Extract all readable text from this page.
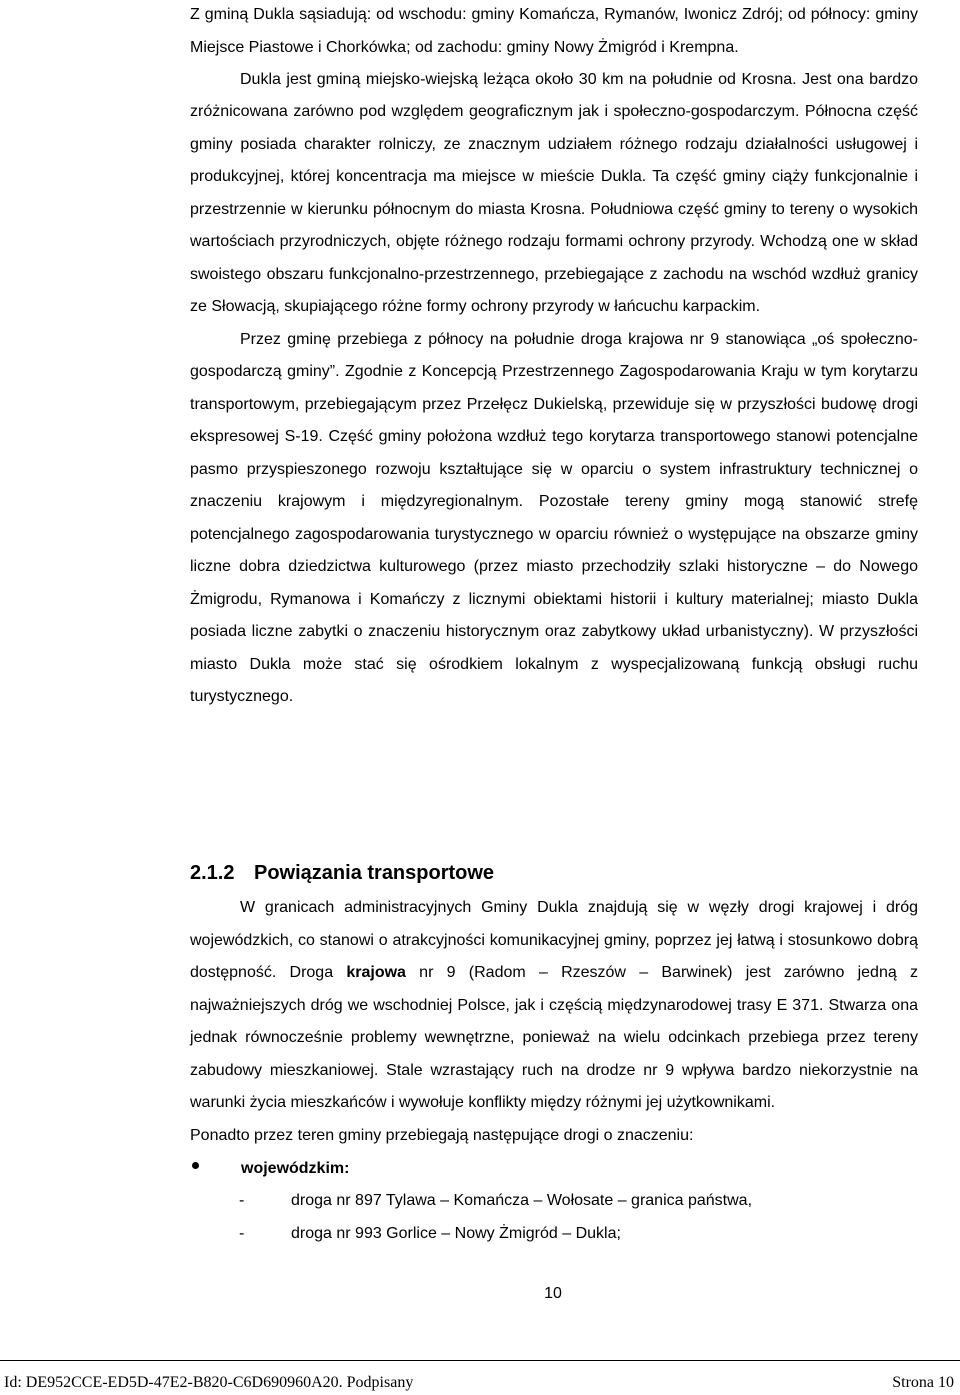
Z gminą Dukla sąsiadują: od wschodu: gminy Komańcza, Rymanów, Iwonicz Zdrój; od północy: gminy Miejsce Piastowe i Chorkówka; od zachodu: gminy Nowy Żmigród i Krempna.

Dukla jest gminą miejsko-wiejską leżąca około 30 km na południe od Krosna. Jest ona bardzo zróżnicowana zarówno pod względem geograficznym jak i społeczno-gospodarczym. Północna część gminy posiada charakter rolniczy, ze znacznym udziałem różnego rodzaju działalności usługowej i produkcyjnej, której koncentracja ma miejsce w mieście Dukla. Ta część gminy ciąży funkcjonalnie i przestrzennie w kierunku północnym do miasta Krosna. Południowa część gminy to tereny o wysokich wartościach przyrodniczych, objęte różnego rodzaju formami ochrony przyrody. Wchodzą one w skład swoistego obszaru funkcjonalno-przestrzennego, przebiegające z zachodu na wschód wzdłuż granicy ze Słowacją, skupiającego różne formy ochrony przyrody w łańcuchu karpackim.

Przez gminę przebiega z północy na południe droga krajowa nr 9 stanowiąca „oś społeczno-gospodarczą gminy”. Zgodnie z Koncepcją Przestrzennego Zagospodarowania Kraju w tym korytarzu transportowym, przebiegającym przez Przełęcz Dukielską, przewiduje się w przyszłości budowę drogi ekspresowej S-19. Część gminy położona wzdłuż tego korytarza transportowego stanowi potencjalne pasmo przyspieszonego rozwoju kształtujące się w oparciu o system infrastruktury technicznej o znaczeniu krajowym i międzyregionalnym. Pozostałe tereny gminy mogą stanowić strefę potencjalnego zagospodarowania turystycznego w oparciu również o występujące na obszarze gminy liczne dobra dziedzictwa kulturowego (przez miasto przechodziły szlaki historyczne – do Nowego Żmigrodu, Rymanowa i Komańczy z licznymi obiektami historii i kultury materialnej; miasto Dukla posiada liczne zabytki o znaczeniu historycznym oraz zabytkowy układ urbanistyczny). W przyszłości miasto Dukla może stać się ośrodkiem lokalnym z wyspecjalizowaną funkcją obsługi ruchu turystycznego.

2.1.2 Powiązania transportowe

W granicach administracyjnych Gminy Dukla znajdują się w węzły drogi krajowej i dróg wojewódzkich, co stanowi o atrakcyjności komunikacyjnej gminy, poprzez jej łatwą i stosunkowo dobrą dostępność. Droga krajowa nr 9 (Radom – Rzeszów – Barwinek) jest zarówno jedną z najważniejszych dróg we wschodniej Polsce, jak i częścią międzynarodowej trasy E 371. Stwarza ona jednak równocześnie problemy wewnętrzne, ponieważ na wielu odcinkach przebiega przez tereny zabudowy mieszkaniowej. Stale wzrastający ruch na drodze nr 9 wpływa bardzo niekorzystnie na warunki życia mieszkańców i wywołuje konflikty między różnymi jej użytkownikami.

Ponadto przez teren gminy przebiegają następujące drogi o znaczeniu:

wojewódzkim:
-	droga nr 897 Tylawa – Komańcza – Wołosate – granica państwa,
-	droga nr 993 Gorlice – Nowy Żmigród – Dukla;
10
Id: DE952CCE-ED5D-47E2-B820-C6D690960A20. Podpisany	Strona 10
